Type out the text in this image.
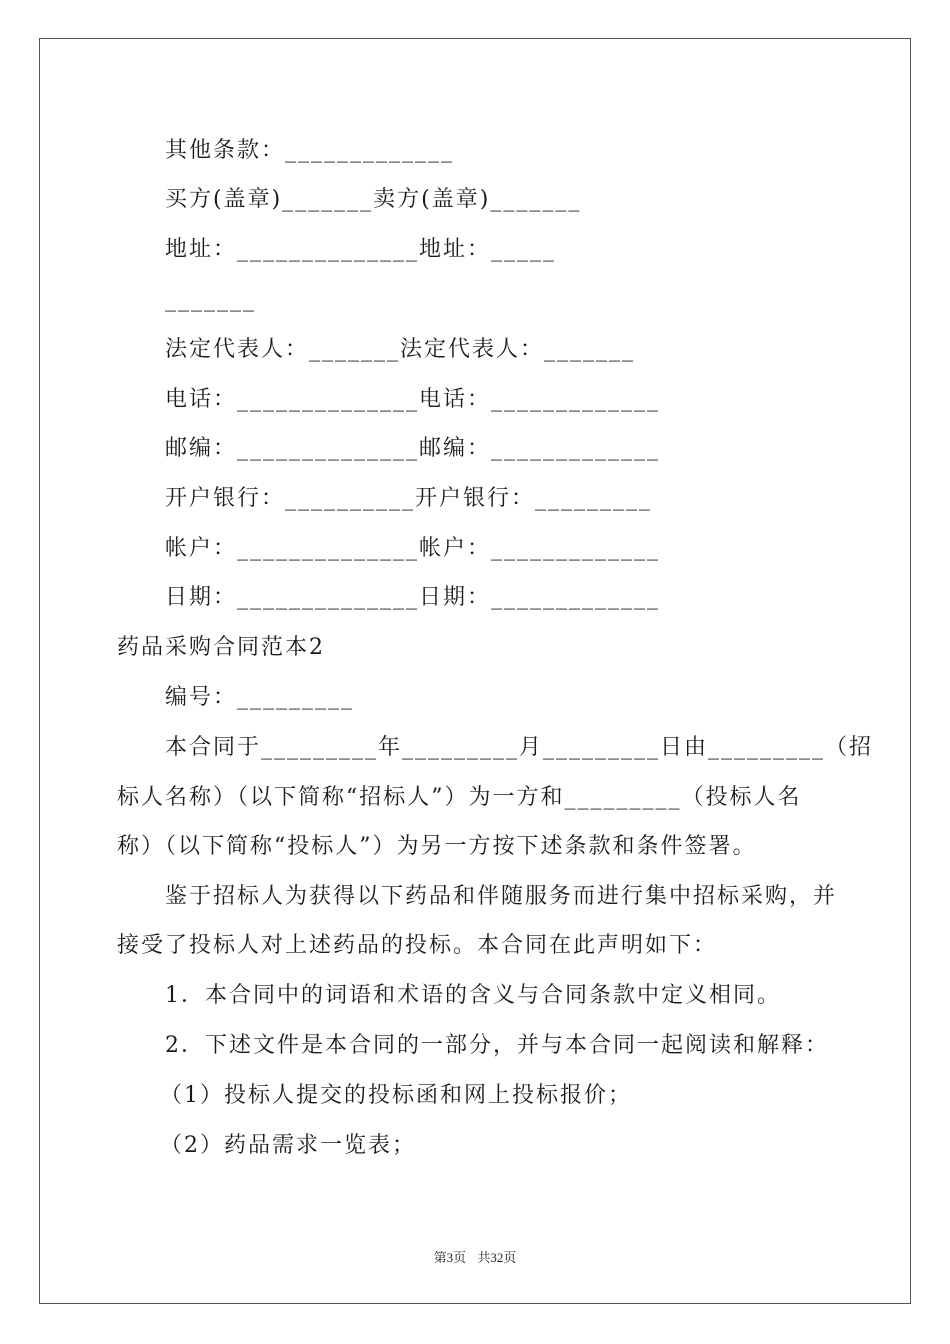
其他条款：_____________
买方(盖章)_______卖方(盖章)_______
地址：______________地址：_____
_______
法定代表人：_______法定代表人：_______
电话：______________电话：_____________
邮编：______________邮编：_____________
开户银行：__________开户银行：_________
帐户：______________帐户：_____________
日期：______________日期：_____________
药品采购合同范本2
编号：_________
本合同于_________年_________月_________日由_________（招
标人名称）（以下简称“招标人”）为一方和_________（投标人名
称）（以下简称“投标人”）为另一方按下述条款和条件签署。
鉴于招标人为获得以下药品和伴随服务而进行集中招标采购，并
接受了投标人对上述药品的投标。本合同在此声明如下：
1．本合同中的词语和术语的含义与合同条款中定义相同。
2．下述文件是本合同的一部分，并与本合同一起阅读和解释：
（1）投标人提交的投标函和网上投标报价；
（2）药品需求一览表；
第3页 共32页
